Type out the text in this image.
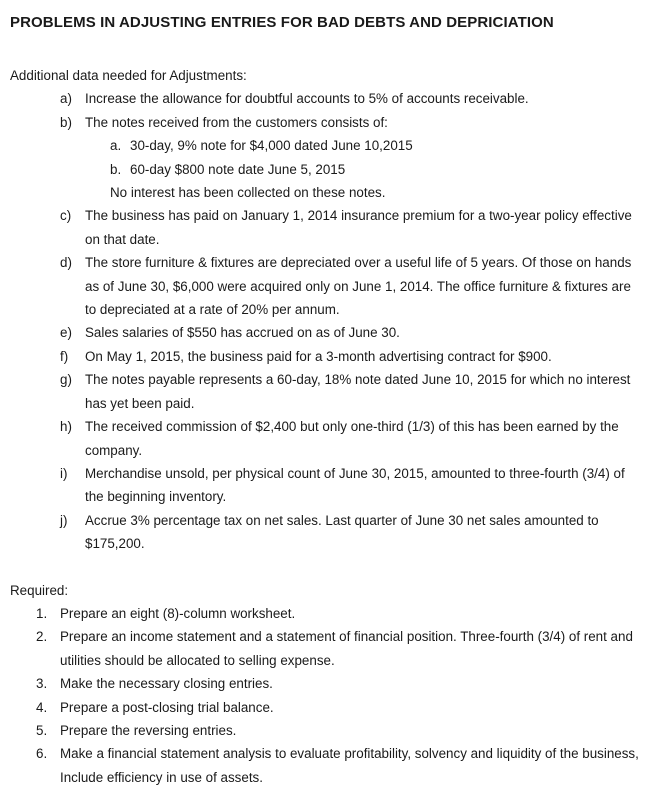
PROBLEMS IN ADJUSTING ENTRIES FOR BAD DEBTS AND DEPRICIATION

Additional data needed for Adjustments:

a) Increase the allowance for doubtful accounts to 5% of accounts receivable.
b) The notes received from the customers consists of:
a. 30-day, 9% note for $4,000 dated June 10,2015
b. 60-day $800 note date June 5, 2015
No interest has been collected on these notes.
c) The business has paid on January 1, 2014 insurance premium for a two-year policy effective on that date.
d) The store furniture & fixtures are depreciated over a useful life of 5 years. Of those on hands as of June 30, $6,000 were acquired only on June 1, 2014. The office furniture & fixtures are to depreciated at a rate of 20% per annum.
e) Sales salaries of $550 has accrued on as of June 30.
f) On May 1, 2015, the business paid for a 3-month advertising contract for $900.
g) The notes payable represents a 60-day, 18% note dated June 10, 2015 for which no interest has yet been paid.
h) The received commission of $2,400 but only one-third (1/3) of this has been earned by the company.
i) Merchandise unsold, per physical count of June 30, 2015, amounted to three-fourth (3/4) of the beginning inventory.
j) Accrue 3% percentage tax on net sales. Last quarter of June 30 net sales amounted to $175,200.

Required:

1. Prepare an eight (8)-column worksheet.
2. Prepare an income statement and a statement of financial position. Three-fourth (3/4) of rent and utilities should be allocated to selling expense.
3. Make the necessary closing entries.
4. Prepare a post-closing trial balance.
5. Prepare the reversing entries.
6. Make a financial statement analysis to evaluate profitability, solvency and liquidity of the business, Include efficiency in use of assets.
